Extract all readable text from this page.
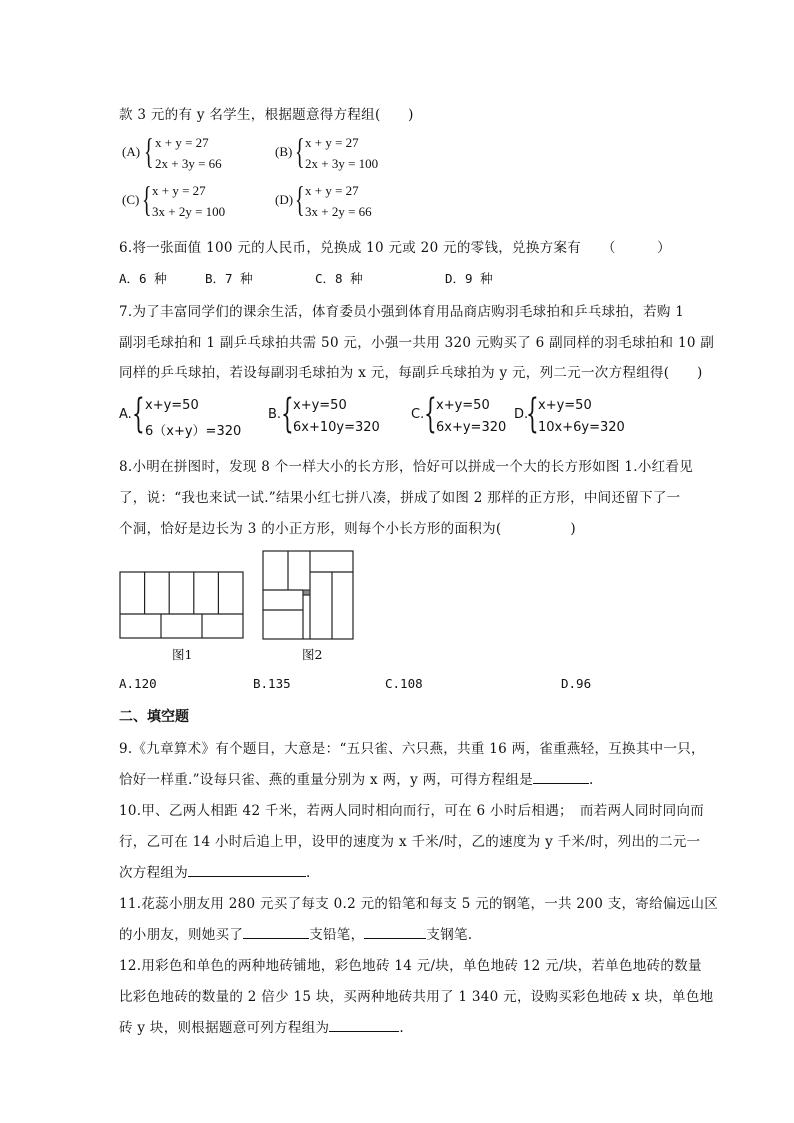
款 3 元的有 y 名学生，根据题意得方程组(　　)
(A) { x + y = 27
2x + 3y = 66
(B) { x + y = 27
2x + 3y = 100
(C) { x + y = 27
3x + 2y = 100
(D) { x + y = 27
3x + 2y = 66
6.将一张面值 100 元的人民币，兑换成 10 元或 20 元的零钱，兑换方案有　　（　　　）
A．6 种	B．7 种	C．8 种	D．9 种
7.为了丰富同学们的课余生活，体育委员小强到体育用品商店购羽毛球拍和乒乓球拍，若购 1
副羽毛球拍和 1 副乒乓球拍共需 50 元，小强一共用 320 元购买了 6 副同样的羽毛球拍和 10 副
同样的乒乓球拍，若设每副羽毛球拍为 x 元，每副乒乓球拍为 y 元，列二元一次方程组得(　　)
A. { x+y=50
6（x+y）=320
B. { x+y=50
6x+10y=320
C. { x+y=50
6x+y=320
D.
{ x+y=50
10x+6y=320
8.小明在拼图时，发现 8 个一样大小的长方形，恰好可以拼成一个大的长方形如图 1.小红看见
了，说：“我也来试一试.”结果小红七拼八凑，拼成了如图 2 那样的正方形，中间还留下了一
个洞，恰好是边长为 3 的小正方形，则每个小长方形的面积为(　　　　　)
图1	图2
A.120	B.135	C.108	D.96
二、填空题
9.《九章算术》有个题目，大意是：“五只雀、六只燕，共重 16 两，雀重燕轻，互换其中一只，
恰好一样重.”设每只雀、燕的重量分别为 x 两，y 两，可得方程组是	.
10.甲、乙两人相距 42 千米，若两人同时相向而行，可在 6 小时后相遇；　而若两人同时同向而
行，乙可在 14 小时后追上甲，设甲的速度为 x 千米/时，乙的速度为 y 千米/时，列出的二元一
次方程组为	.
11.花蕊小朋友用 280 元买了每支 0.2 元的铅笔和每支 5 元的钢笔，一共 200 支，寄给偏远山区
的小朋友，则她买了	支铅笔，	支钢笔.
12.用彩色和单色的两种地砖铺地，彩色地砖 14 元/块，单色地砖 12 元/块，若单色地砖的数量
比彩色地砖的数量的 2 倍少 15 块，买两种地砖共用了 1 340 元，设购买彩色地砖 x 块，单色地
砖 y 块，则根据题意可列方程组为	.
